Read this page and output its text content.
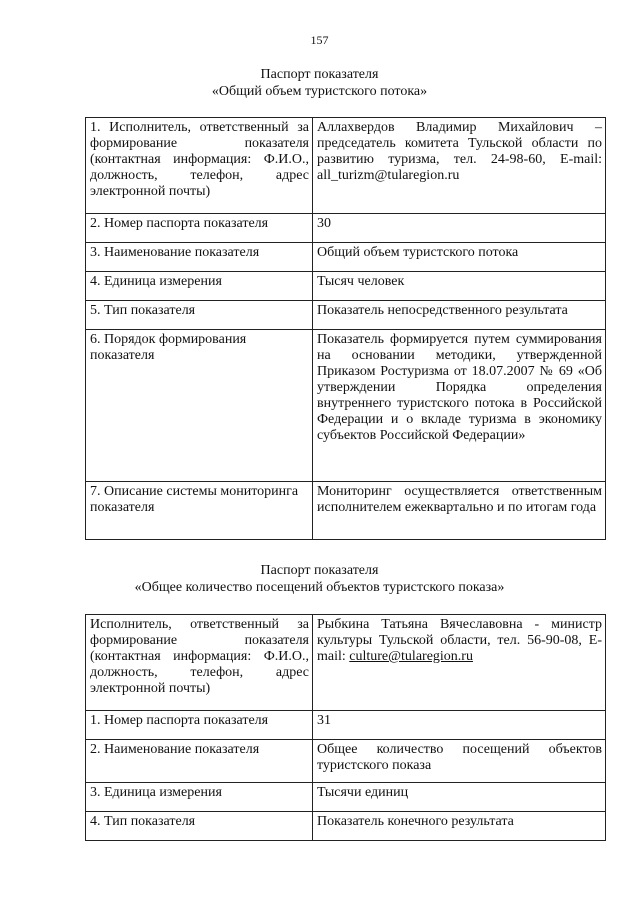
157
Паспорт показателя
«Общий объем туристского потока»
1. Исполнитель, ответственный за формирование показателя (контактная информация: Ф.И.О., должность, телефон, адрес электронной почты)	Аллахвердов Владимир Михайлович – председатель комитета Тульской области по развитию туризма, тел. 24-98-60, E-mail: all_turizm@tularegion.ru
2. Номер паспорта показателя	30
3. Наименование показателя	Общий объем туристского потока
4. Единица измерения	Тысяч человек
5. Тип показателя	Показатель непосредственного результата
6. Порядок формирования показателя	Показатель формируется путем суммирования на основании методики, утвержденной Приказом Ростуризма от 18.07.2007 № 69 «Об утверждении Порядка определения внутреннего туристского потока в Российской Федерации и о вкладе туризма в экономику субъектов Российской Федерации»
7. Описание системы мониторинга показателя	Мониторинг осуществляется ответственным исполнителем ежеквартально и по итогам года
Паспорт показателя
«Общее количество посещений объектов туристского показа»
Исполнитель, ответственный за формирование показателя (контактная информация: Ф.И.О., должность, телефон, адрес электронной почты)	Рыбкина Татьяна Вячеславовна - министр культуры Тульской области, тел. 56-90-08, E-mail: culture@tularegion.ru
1. Номер паспорта показателя	31
2. Наименование показателя	Общее количество посещений объектов туристского показа
3. Единица измерения	Тысячи единиц
4. Тип показателя	Показатель конечного результата
